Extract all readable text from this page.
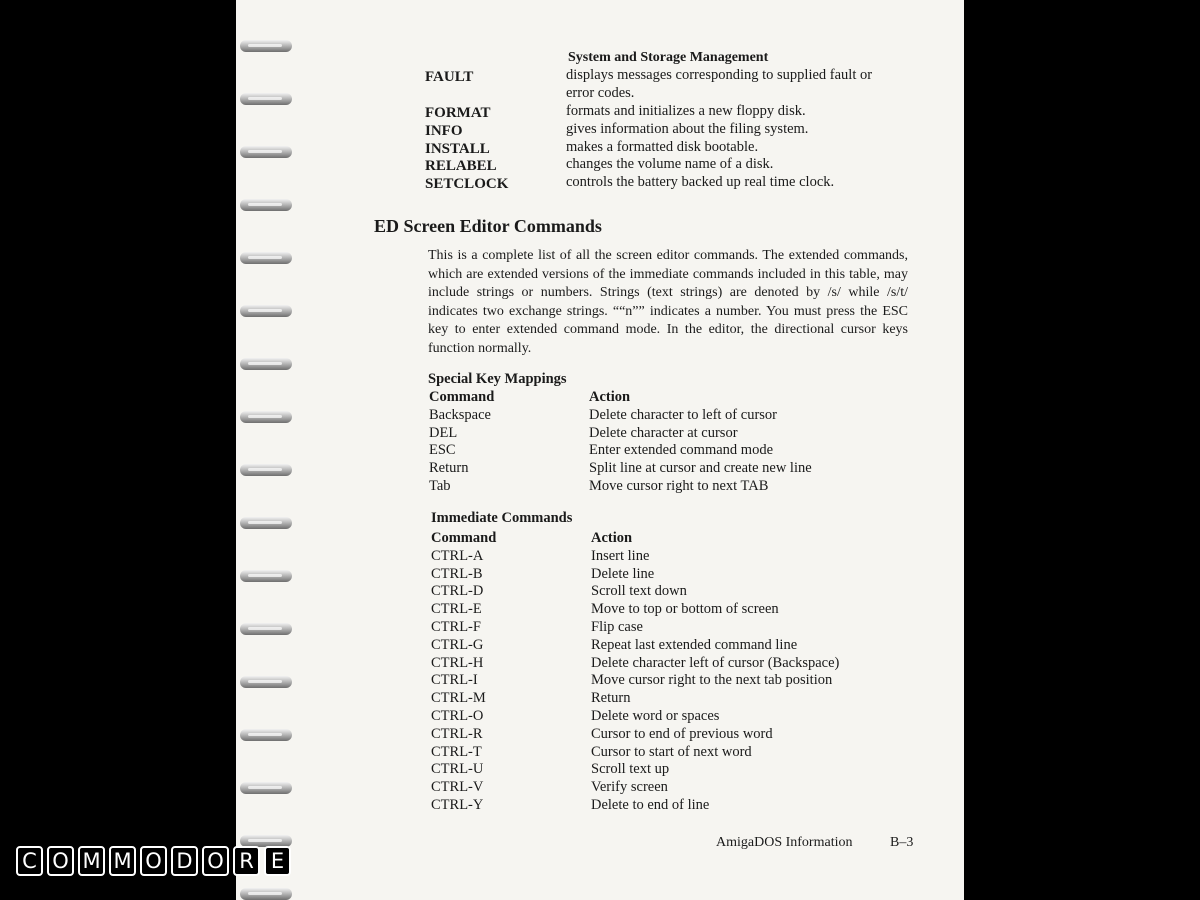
System and Storage Management
FAULT	displays messages corresponding to supplied fault or
error codes.
FORMAT	formats and initializes a new floppy disk.
INFO	gives information about the filing system.
INSTALL	makes a formatted disk bootable.
RELABEL	changes the volume name of a disk.
SETCLOCK	controls the battery backed up real time clock.
ED Screen Editor Commands
This is a complete list of all the screen editor commands. The extended commands, which are extended versions of the immediate commands included in this table, may include strings or numbers. Strings (text strings) are denoted by /s/ while /s/t/ indicates two exchange strings. ““n”” indicates a number. You must press the ESC key to enter extended command mode. In the editor, the directional cursor keys function normally.
Special Key Mappings
Command	Action
Backspace	Delete character to left of cursor
DEL	Delete character at cursor
ESC	Enter extended command mode
Return	Split line at cursor and create new line
Tab	Move cursor right to next TAB
Immediate Commands
Command	Action
CTRL-A	Insert line
CTRL-B	Delete line
CTRL-D	Scroll text down
CTRL-E	Move to top or bottom of screen
CTRL-F	Flip case
CTRL-G	Repeat last extended command line
CTRL-H	Delete character left of cursor (Backspace)
CTRL-I	Move cursor right to the next tab position
CTRL-M	Return
CTRL-O	Delete word or spaces
CTRL-R	Cursor to end of previous word
CTRL-T	Cursor to start of next word
CTRL-U	Scroll text up
CTRL-V	Verify screen
CTRL-Y	Delete to end of line
AmigaDOS Information	B–3
C O M M O D O R E
